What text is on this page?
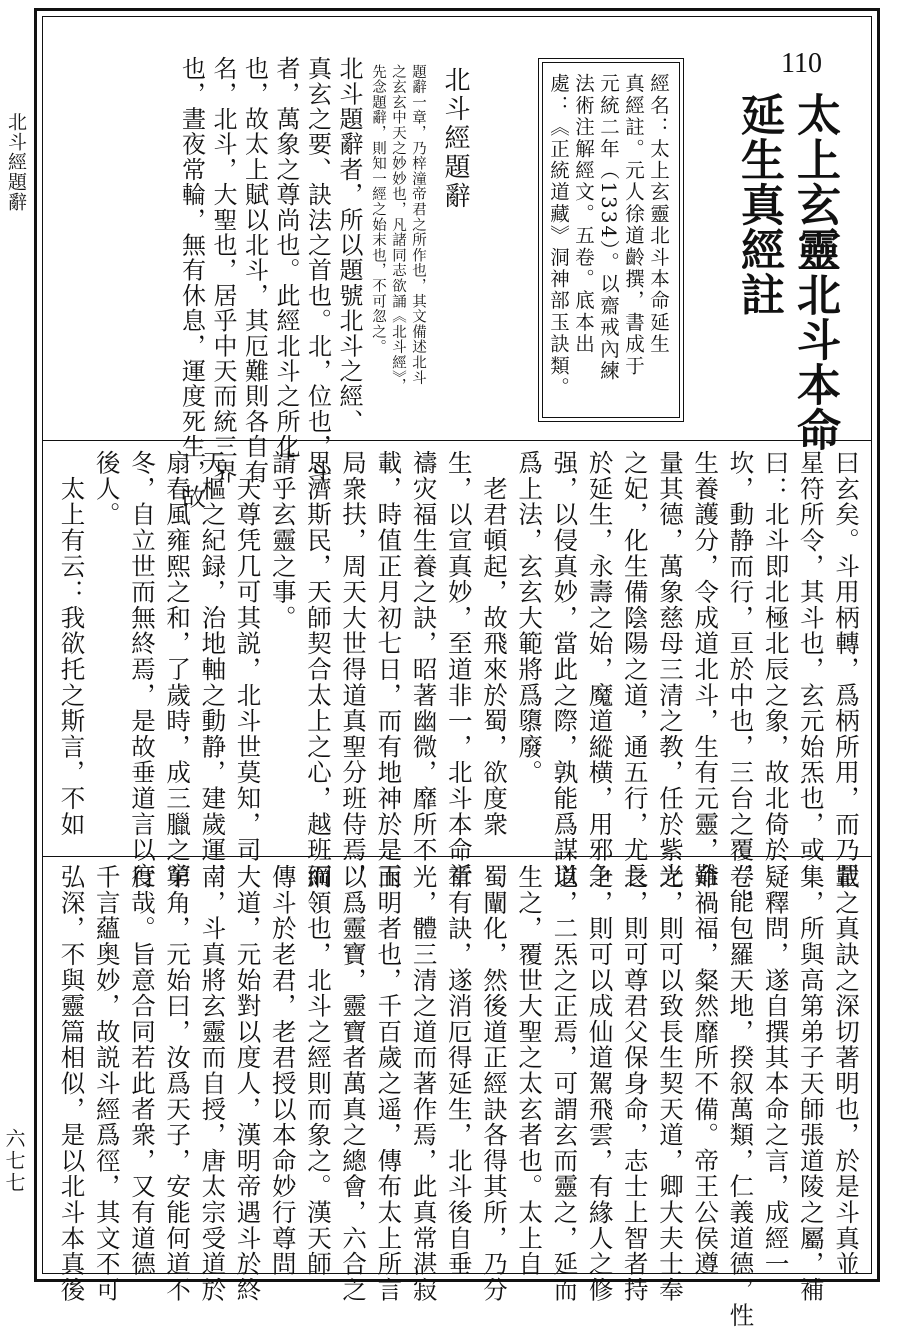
北斗經題辭
六七七
110
太上玄靈北斗本命
延生真經註
經名：太上玄靈北斗本命延生
真經註。元人徐道齡撰，書成于
元統二年（1334）。以齋戒內練
法術注解經文。五卷。底本出
處：《正統道藏》洞神部玉訣類。
北斗經題辭
題辭一章，乃梓潼帝君之所作也，其文備述北斗
之玄玄中天之妙妙也，凡諸同志欲誦《北斗經》，
先念題辭，則知一經之始末也，不可忽之。
北斗題辭者，所以題號北斗之經、
真玄之要、訣法之首也。北，位也，斗
者，萬象之尊尚也。此經北斗之所化
也，故太上賦以北斗，其厄難則各自有
名，北斗，大聖也，居乎中天而統三界
也，晝夜常輪，無有休息，運度死生，故
曰玄矣。斗用柄轉，爲柄所用，而乃罡
星符所令，其斗也，玄元始炁也，或
曰：北斗即北極北辰之象，故北倚於
坎，動静而行，亘於中也，三台之覆，能
生養護分，令成道北斗，生有元靈，難
量其德，萬象慈母三清之教，任於紫光
之妃，化生備陰陽之道，通五行，尤長
於延生，永壽之始，魔道縱横，用邪争
强，以侵真妙，當此之際，孰能爲謀以
爲上法，玄玄大範將爲隳廢。
　老君頓起，故飛來於蜀，欲度衆
生，以宣真妙，至道非一，北斗本命祈
禱灾福生養之訣，昭著幽微，靡所不
載，時值正月初七日，而有地神於是玉
局衆扶，周天大世得道真聖分班侍焉，
思濟斯民，天師契合太上之心，越班而
請乎玄靈之事。
　天尊凭几可其説，北斗世莫知，司
天樞之紀録，治地軸之動静，建歲運，
扇春風雍熙之和，了歲時，成三臘之窮
冬，自立世而無終焉，是故垂道言以度
後人。
　太上有云：我欲托之斯言，不如
載之真訣之深切著明也，於是斗真並
集，所與高第弟子天師張道陵之屬，補
疑釋問，遂自撰其本命之言，成經一
卷，包羅天地，揆叙萬類，仁義道德，性
命禍福，粲然靡所不備。帝王公侯遵
之，則可以致長生契天道，卿大夫士奉
之，則可尊君父保身命，志士上智者持
之，則可以成仙道駕飛雲，有緣人之修
道，二炁之正焉，可謂玄而靈之，延而
生之，覆世大聖之太玄者也。太上自
蜀闡化，然後道正經訣各得其所，乃分
章有訣，遂消厄得延生，北斗後自垂
光，體三清之道而著作焉，此真常湛寂
而明者也，千百歲之遥，傳布太上所言
以爲靈寶，靈寶者萬真之總會，六合之
綱領也，北斗之經則而象之。漢天師
傳斗於老君，老君授以本命妙行尊問
大道，元始對以度人，漢明帝遇斗於終
南，斗真將玄靈而自授，唐太宗受道於
羊角，元始曰，汝爲天子，安能何道不
行哉。旨意合同若此者衆，又有道德
千言蘊奥妙，故説斗經爲徑，其文不可
弘深，不與靈篇相似，是以北斗本真後
